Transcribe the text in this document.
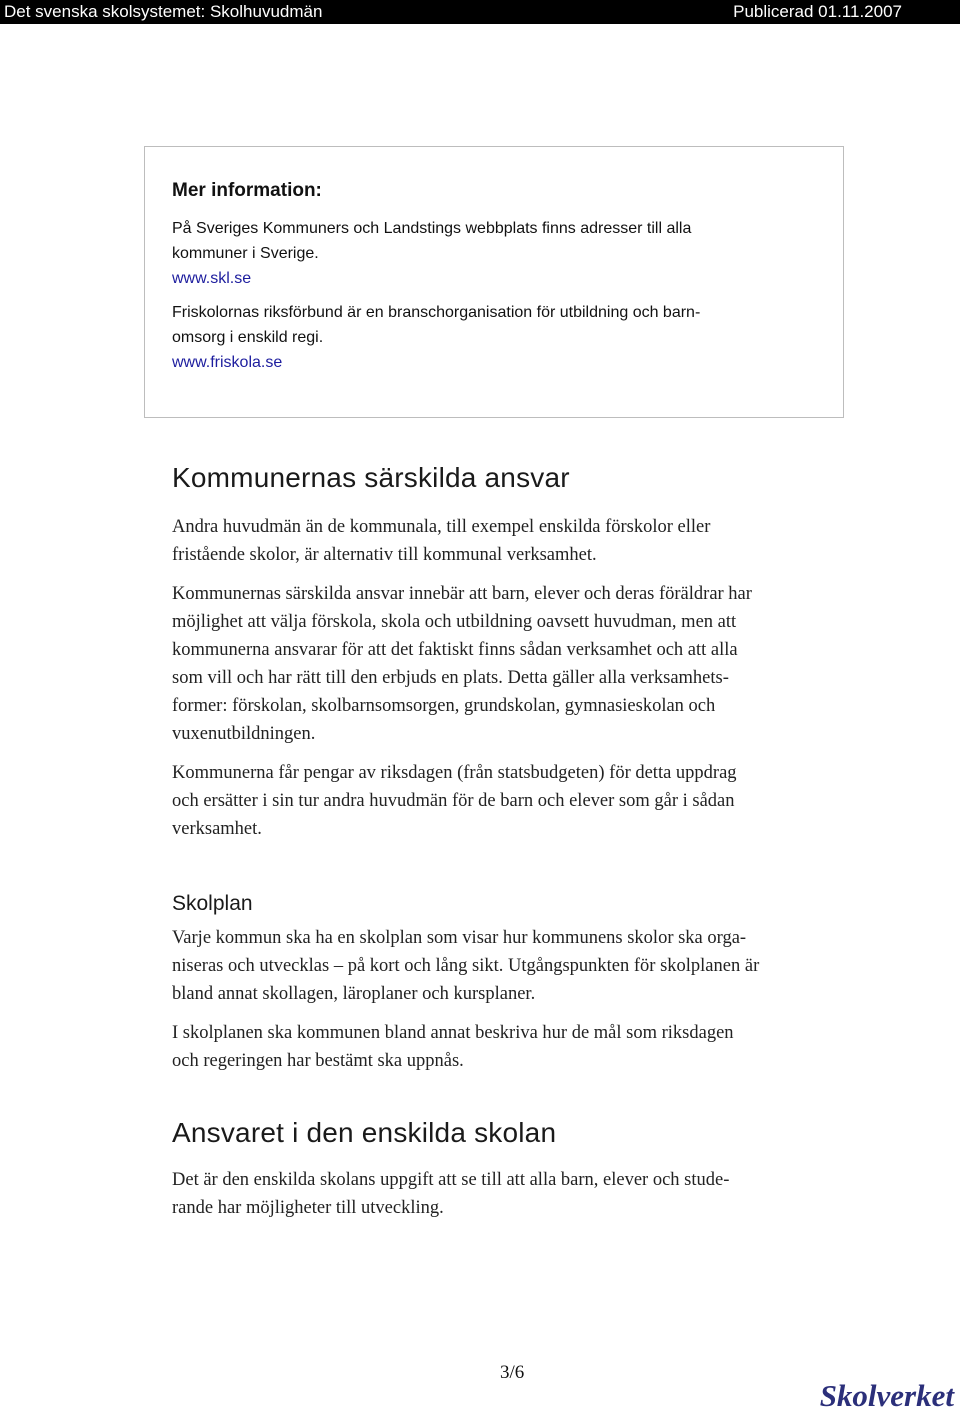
Det svenska skolsystemet: Skolhuvudmän	Publicerad 01.11.2007

Mer information:

På Sveriges Kommuners och Landstings webbplats finns adresser till alla
kommuner i Sverige.
www.skl.se

Friskolornas riksförbund är en branschorganisation för utbildning och barn-
omsorg i enskild regi.
www.friskola.se

Kommunernas särskilda ansvar

Andra huvudmän än de kommunala, till exempel enskilda förskolor eller
fristående skolor, är alternativ till kommunal verksamhet.

Kommunernas särskilda ansvar innebär att barn, elever och deras föräldrar har
möjlighet att välja förskola, skola och utbildning oavsett huvudman, men att
kommunerna ansvarar för att det faktiskt finns sådan verksamhet och att alla
som vill och har rätt till den erbjuds en plats. Detta gäller alla verksamhets-
former: förskolan, skolbarnsomsorgen, grundskolan, gymnasieskolan och
vuxenutbildningen.

Kommunerna får pengar av riksdagen (från statsbudgeten) för detta uppdrag
och ersätter i sin tur andra huvudmän för de barn och elever som går i sådan
verksamhet.

Skolplan

Varje kommun ska ha en skolplan som visar hur kommunens skolor ska orga-
niseras och utvecklas – på kort och lång sikt. Utgångspunkten för skolplanen är
bland annat skollagen, läroplaner och kursplaner.

I skolplanen ska kommunen bland annat beskriva hur de mål som riksdagen
och regeringen har bestämt ska uppnås.

Ansvaret i den enskilda skolan

Det är den enskilda skolans uppgift att se till att alla barn, elever och stude-
rande har möjligheter till utveckling.

3/6

Skolverket
